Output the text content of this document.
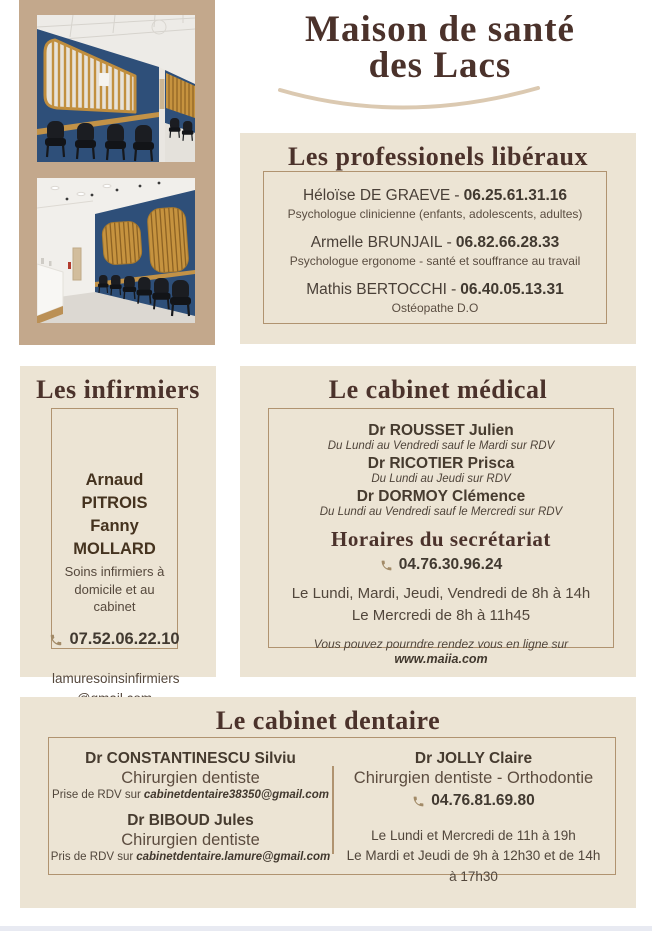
Maison de santé
des Lacs
Les professionels libéraux
Héloïse DE GRAEVE - 06.25.61.31.16
Psychologue clinicienne (enfants, adolescents, adultes)
Armelle BRUNJAIL - 06.82.66.28.33
Psychologue ergonome - santé et souffrance au travail
Mathis BERTOCCHI - 06.40.05.13.31
Ostéopathe D.O
Les infirmiers
Arnaud PITROIS
Fanny MOLLARD
Soins infirmiers à
domicile et au cabinet
07.52.06.22.10
lamuresoinsinfirmiers
Le cabinet médical
Dr ROUSSET Julien
Du Lundi au Vendredi sauf le Mardi sur RDV
Dr RICOTIER Prisca
Du Lundi au Jeudi sur RDV
Dr DORMOY Clémence
Du Lundi au Vendredi sauf le Mercredi sur RDV
Horaires du secrétariat
04.76.30.96.24
Le Lundi, Mardi, Jeudi, Vendredi de 8h à 14h
Le Mercredi de 8h à 11h45
Vous pouvez pourndre rendez vous en ligne sur
www.maiia.com
Le cabinet dentaire
Dr CONSTANTINESCU Silviu
Chirurgien dentiste
Prise de RDV sur cabinetdentaire38350@gmail.com
Dr BIBOUD Jules
Chirurgien dentiste
Pris de RDV sur cabinetdentaire.lamure@gmail.com
Dr JOLLY Claire
Chirurgien dentiste - Orthodontie
04.76.81.69.80
Le Lundi et Mercredi de 11h à 19h
Le Mardi et Jeudi de 9h à 12h30 et de 14h à 17h30
